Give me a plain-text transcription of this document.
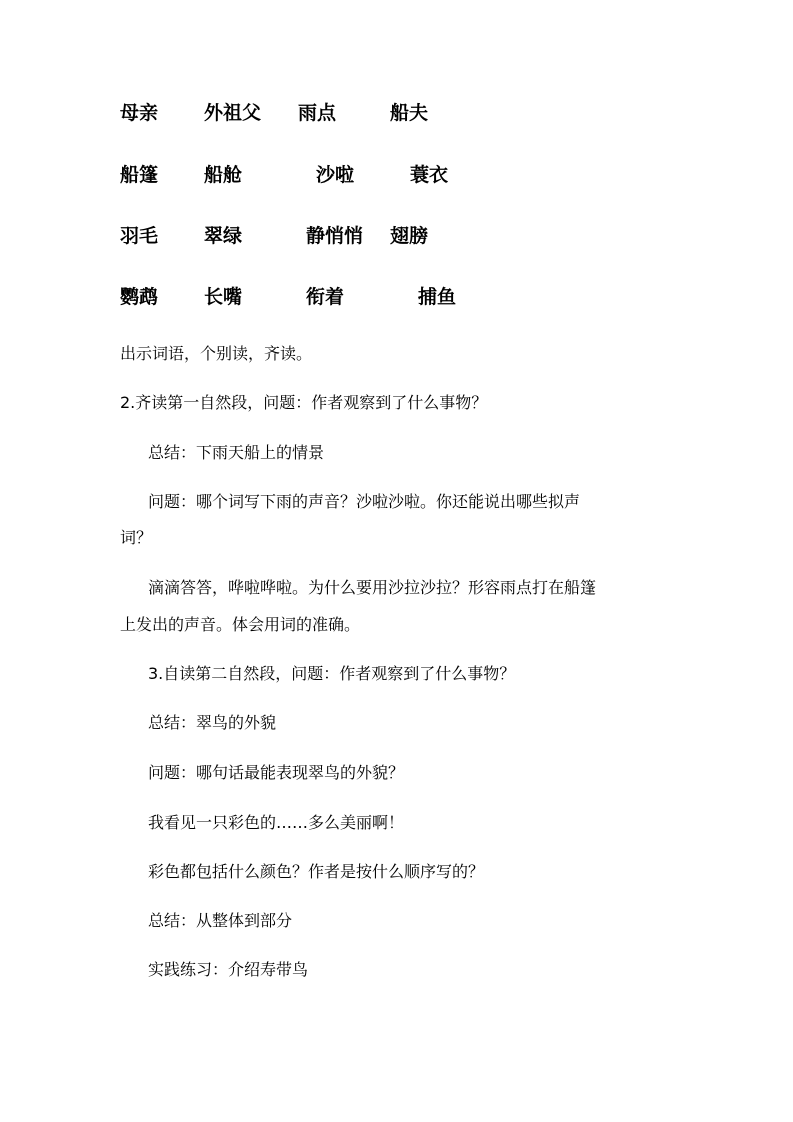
母亲 外祖父 雨点	船夫
船篷 船舱	沙啦	蓑衣
羽毛 翠绿	静悄悄 翅膀
鹦鹉 长嘴	衔着	捕鱼
出示词语，个别读，齐读。
2.齐读第一自然段，问题：作者观察到了什么事物？
总结：下雨天船上的情景
问题：哪个词写下雨的声音？沙啦沙啦。你还能说出哪些拟声
词？
滴滴答答，哗啦哗啦。为什么要用沙拉沙拉？形容雨点打在船篷
上发出的声音。体会用词的准确。
3.自读第二自然段，问题：作者观察到了什么事物？
总结：翠鸟的外貌
问题：哪句话最能表现翠鸟的外貌？
我看见一只彩色的……多么美丽啊！
彩色都包括什么颜色？作者是按什么顺序写的？
总结：从整体到部分
实践练习：介绍寿带鸟
